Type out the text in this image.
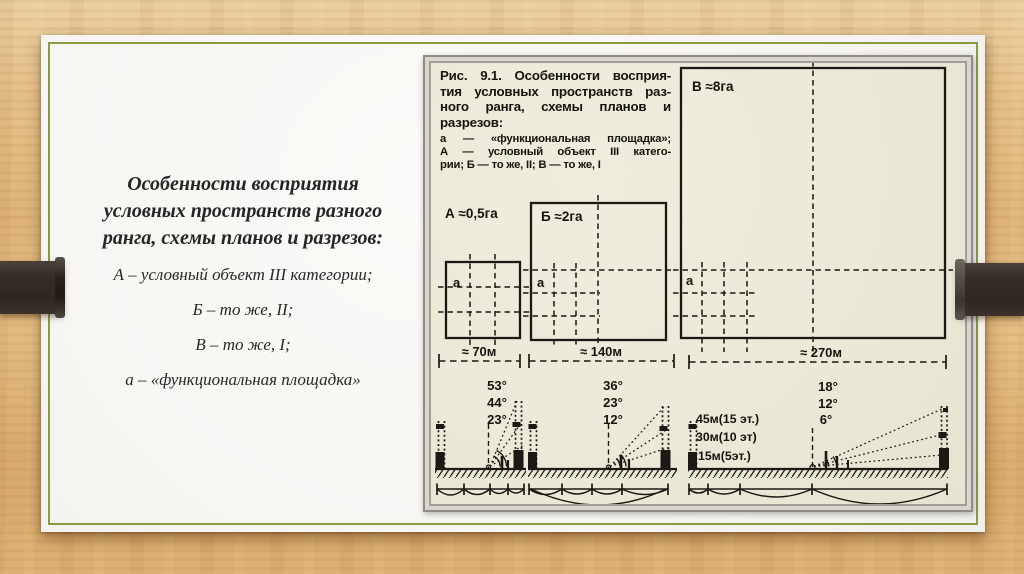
Особенности восприятия
условных пространств разного
ранга, схемы планов и разрезов:

А – условный объект III категории;

Б – то же, II;

В – то же, I;

а – «функциональная площадка»

Рис. 9.1. Особенности восприя-
тия условных пространств раз-
ного ранга, схемы планов и
разрезов:
а — «функциональная площадка»;
А — условный объект III катего-
рии; Б — то же, II; В — то же, I
А ≈0,5га
а
Б ≈2га
а
В ≈8га
а
≈ 70м	≈ 140м	≈ 270м
53°
44°
23°
36°
23°
12°
18°
12°
6°
45м(15 эт.)
30м(10 эт)
15м(5эт.)
